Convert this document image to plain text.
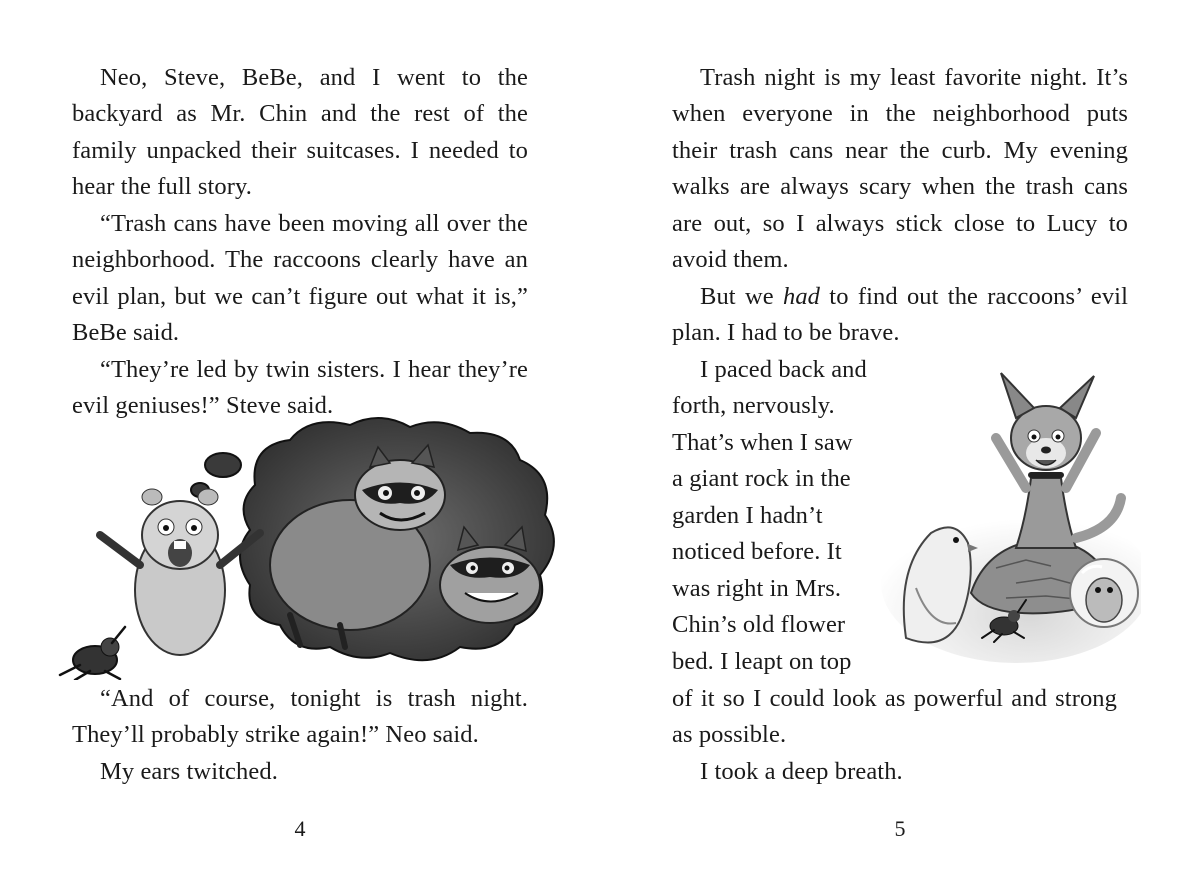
Neo, Steve, BeBe, and I went to the
backyard as Mr. Chin and the rest of the
family unpacked their suitcases. I needed to
hear the full story.
“Trash cans have been moving all over the
neighborhood. The raccoons clearly have an
evil plan, but we can’t figure out what it is,”
BeBe said.
“They’re led by twin sisters. I hear they’re
evil geniuses!” Steve said.
“And of course, tonight is trash night.
They’ll probably strike again!” Neo said.
My ears twitched.
4
Trash night is my least favorite night. It’s
when everyone in the neighborhood puts
their trash cans near the curb. My evening
walks are always scary when the trash cans
are out, so I always stick close to Lucy to
avoid them.
But we had to find out the raccoons’ evil
plan. I had to be brave.
I paced back and
forth, nervously.
That’s when I saw
a giant rock in the
garden I hadn’t
noticed before. It
was right in Mrs.
Chin’s old flower
bed. I leapt on top
of it so I could look as powerful and strong
as possible.
I took a deep breath.
5
